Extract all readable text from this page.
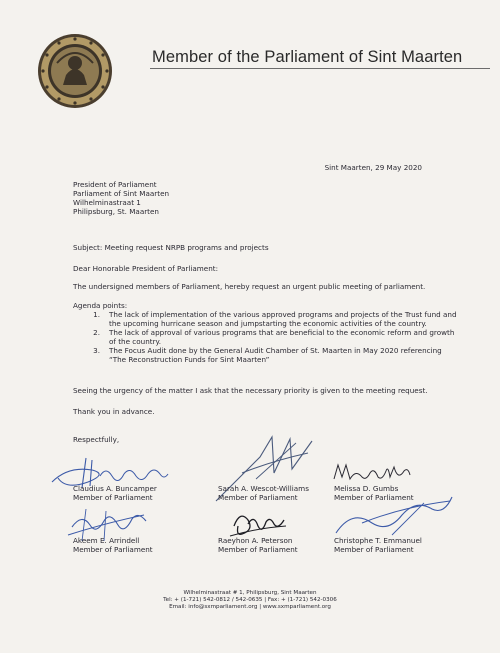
Member of the Parliament of Sint Maarten
Sint Maarten, 29 May 2020
President of Parliament
Parliament of Sint Maarten
Wilhelminastraat 1
Philipsburg, St. Maarten
Subject: Meeting request NRPB programs and projects
Dear Honorable President of Parliament:
The undersigned members of Parliament, hereby request an urgent public meeting of parliament.
Agenda points:
1.	The lack of implementation of the various approved programs and projects of the Trust fund and
the upcoming hurricane season and jumpstarting the economic activities of the country.
2.	The lack of approval of various programs that are beneficial to the economic reform and growth
of the country.
3.	The Focus Audit done by the General Audit Chamber of St. Maarten in May 2020 referencing
“The Reconstruction Funds for Sint Maarten”
Seeing the urgency of the matter I ask that the necessary priority is given to the meeting request.
Thank you in advance.
Respectfully,
Claudius A. Buncamper
Member of Parliament
Sarah A. Wescot-Williams
Member of Parliament
Melissa D. Gumbs
Member of Parliament
Akeem E. Arrindell
Member of Parliament
Raeyhon A. Peterson
Member of Parliament
Christophe T. Emmanuel
Member of Parliament
Wilhelminastraat # 1, Philipsburg, Sint Maarten
Tel: + (1-721) 542-0812 / 542-0635 | Fax: + (1-721) 542-0306
Email: info@sxmparliament.org | www.sxmparliament.org
